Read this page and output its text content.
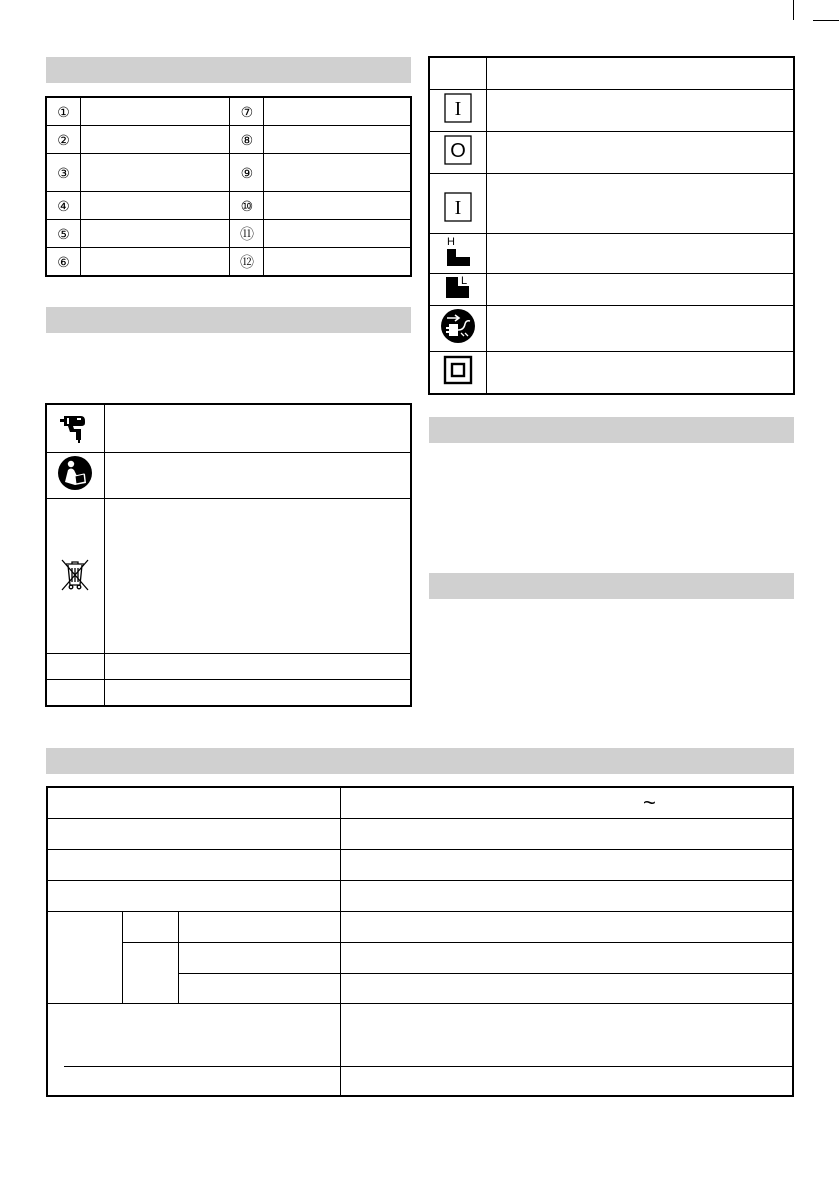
①		⑦	
②		⑧	
③		⑨	
④		⑩	
⑤		⑪	
⑥		⑫	

I	

O	

I	

H	

L	

~
